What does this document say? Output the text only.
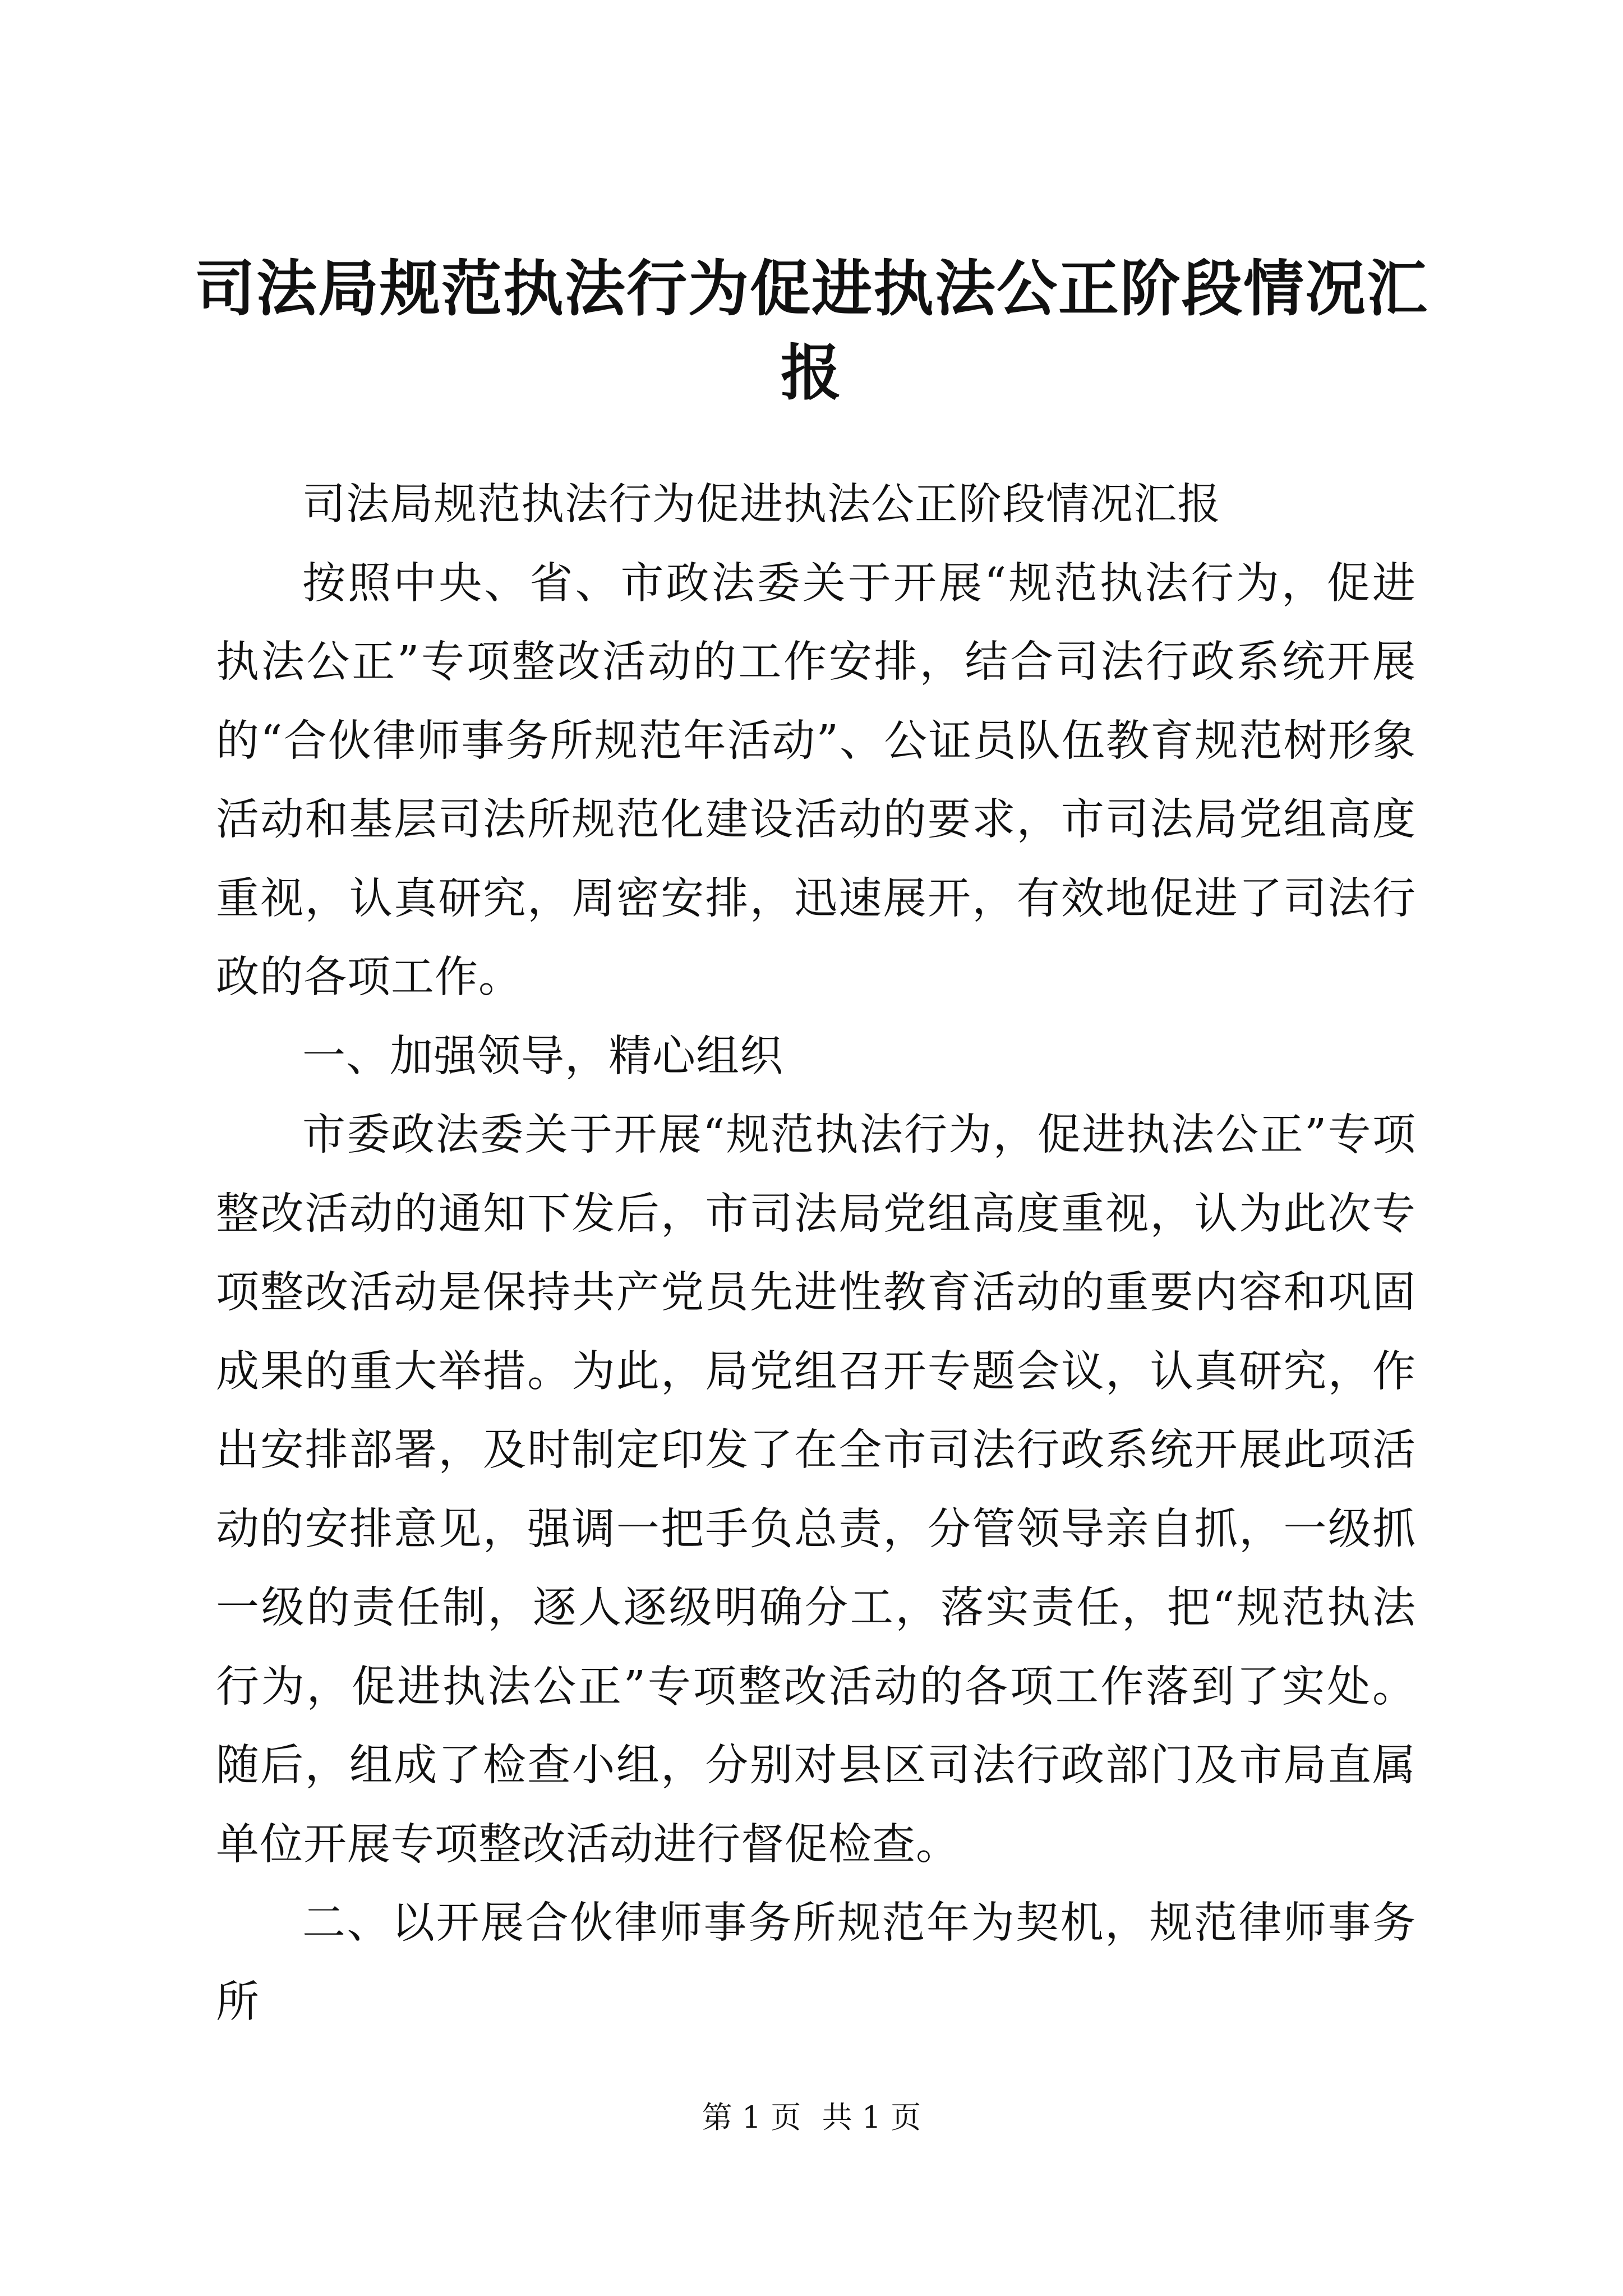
司法局规范执法行为促进执法公正阶段情况汇报

司法局规范执法行为促进执法公正阶段情况汇报

按照中央、省、市政法委关于开展“规范执法行为，促进执法公正”专项整改活动的工作安排，结合司法行政系统开展的“合伙律师事务所规范年活动”、公证员队伍教育规范树形象活动和基层司法所规范化建设活动的要求，市司法局党组高度重视，认真研究，周密安排，迅速展开，有效地促进了司法行政的各项工作。

一、加强领导，精心组织

市委政法委关于开展“规范执法行为，促进执法公正”专项整改活动的通知下发后，市司法局党组高度重视，认为此次专项整改活动是保持共产党员先进性教育活动的重要内容和巩固成果的重大举措。为此，局党组召开专题会议，认真研究，作出安排部署，及时制定印发了在全市司法行政系统开展此项活动的安排意见，强调一把手负总责，分管领导亲自抓，一级抓一级的责任制，逐人逐级明确分工，落实责任，把“规范执法行为，促进执法公正”专项整改活动的各项工作落到了实处。随后，组成了检查小组，分别对县区司法行政部门及市局直属单位开展专项整改活动进行督促检查。

二、以开展合伙律师事务所规范年为契机，规范律师事务所

第 1 页 共 1 页
